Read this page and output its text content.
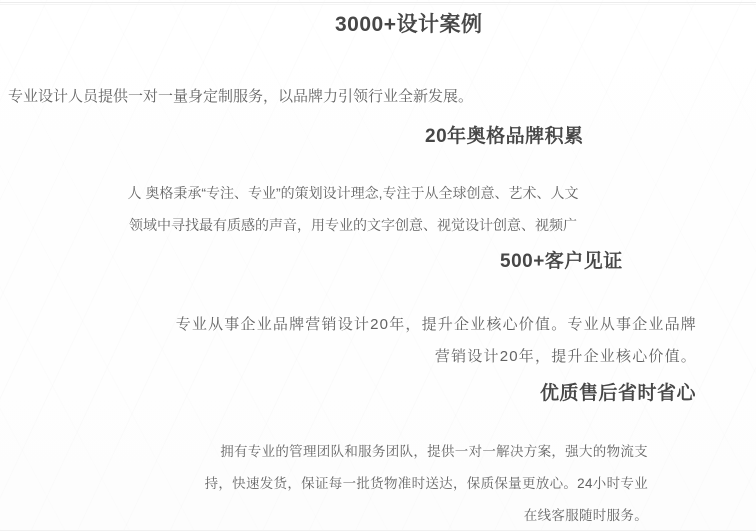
3000+设计案例

专业设计人员提供一对一量身定制服务，以品牌力引领行业全新发展。

20年奥格品牌积累
人 奥格秉承“专注、专业”的策划设计理念,专注于从全球创意、艺术、人文
领域中寻找最有质感的声音，用专业的文字创意、视觉设计创意、视频广
500+客户见证
专业从事企业品牌营销设计20年，提升企业核心价值。专业从事企业品牌
营销设计20年，提升企业核心价值。
优质售后省时省心
拥有专业的管理团队和服务团队，提供一对一解决方案，强大的物流支
持，快速发货，保证每一批货物准时送达，保质保量更放心。24小时专业
在线客服随时服务。
